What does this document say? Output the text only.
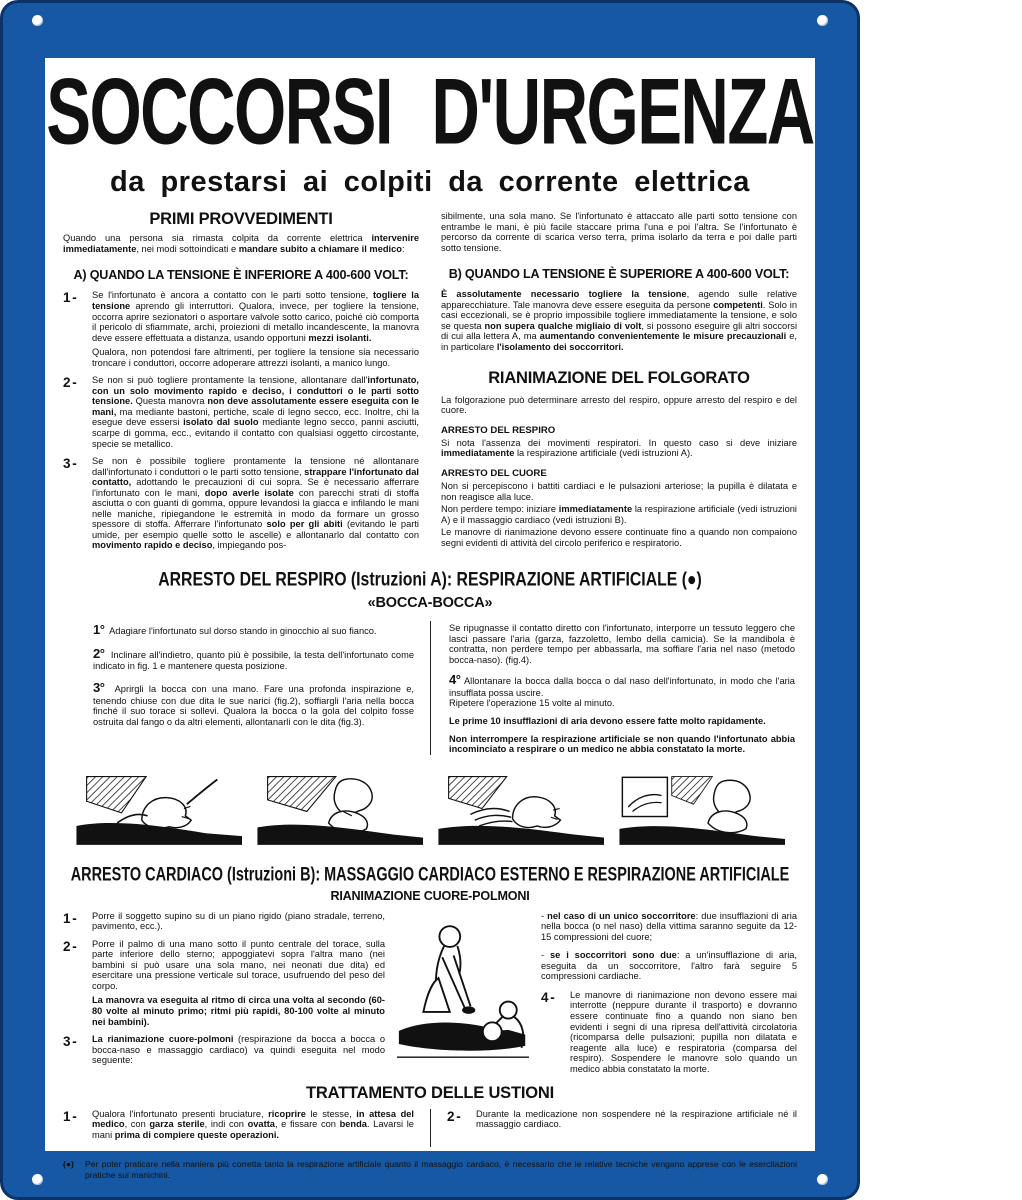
SOCCORSI D'URGENZA
da prestarsi ai colpiti da corrente elettrica
PRIMI PROVVEDIMENTI

Quando una persona sia rimasta colpita da corrente elettrica intervenire immediatamente, nei modi sottoindicati e mandare subito a chiamare il medico:

A) QUANDO LA TENSIONE È INFERIORE A 400-600 VOLT:
1 -	Se l'infortunato è ancora a contatto con le parti sotto tensione, togliere la tensione aprendo gli interruttori. Qualora, invece, per togliere la tensione, occorra aprire sezionatori o asportare valvole sotto carico, poiché ciò comporta il pericolo di sfiammate, archi, proiezioni di metallo incandescente, la manovra deve essere effettuata a distanza, usando opportuni mezzi isolanti.

Qualora, non potendosi fare altrimenti, per togliere la tensione sia necessario troncare i conduttori, occorre adoperare attrezzi isolanti, a manico lungo.

2 -	Se non si può togliere prontamente la tensione, allontanare dall'infortunato, con un solo movimento rapido e deciso, i conduttori o le parti sotto tensione. Questa manovra non deve assolutamente essere eseguita con le mani, ma mediante bastoni, pertiche, scale di legno secco, ecc. Inoltre, chi la esegue deve essersi isolato dal suolo mediante legno secco, panni asciutti, scarpe di gomma, ecc., evitando il contatto con qualsiasi oggetto circostante, specie se metallico.

3 -	Se non è possibile togliere prontamente la tensione né allontanare dall'infortunato i conduttori o le parti sotto tensione, strappare l'infortunato dal contatto, adottando le precauzioni di cui sopra. Se è necessario afferrare l'infortunato con le mani, dopo averle isolate con parecchi strati di stoffa asciutta o con guanti di gomma, oppure levandosi la giacca e infilando le mani nelle maniche, ripiegandone le estremità in modo da formare un grosso spessore di stoffa. Afferrare l'infortunato solo per gli abiti (evitando le parti umide, per esempio quelle sotto le ascelle) e allontanarlo dal contatto con movimento rapido e deciso, impiegando pos-

sibilmente, una sola mano. Se l'infortunato è attaccato alle parti sotto tensione con entrambe le mani, è più facile staccare prima l'una e poi l'altra. Se l'infortunato è percorso da corrente di scarica verso terra, prima isolarlo da terra e poi dalle parti sotto tensione.

B) QUANDO LA TENSIONE È SUPERIORE A 400-600 VOLT:

È assolutamente necessario togliere la tensione, agendo sulle relative apparecchiature. Tale manovra deve essere eseguita da persone competenti. Solo in casi eccezionali, se è proprio impossibile togliere immediatamente la tensione, e solo se questa non supera qualche migliaio di volt, si possono eseguire gli altri soccorsi di cui alla lettera A, ma aumentando convenientemente le misure precauzionali e, in particolare l'isolamento dei soccorritori.

RIANIMAZIONE DEL FOLGORATO

La folgorazione può determinare arresto del respiro, oppure arresto del respiro e del cuore.

ARRESTO DEL RESPIRO

Si nota l'assenza dei movimenti respiratori. In questo caso si deve iniziare immediatamente la respirazione artificiale (vedi istruzioni A).

ARRESTO DEL CUORE

Non si percepiscono i battiti cardiaci e le pulsazioni arteriose; la pupilla è dilatata e non reagisce alla luce.

Non perdere tempo: iniziare immediatamente la respirazione artificiale (vedi istruzioni A) e il massaggio cardiaco (vedi istruzioni B).

Le manovre di rianimazione devono essere continuate fino a quando non compaiono segni evidenti di attività del circolo periferico e respiratorio.

ARRESTO DEL RESPIRO (Istruzioni A): RESPIRAZIONE ARTIFICIALE (●)
«BOCCA-BOCCA»

1° Adagiare l'infortunato sul dorso stando in ginocchio al suo fianco.

2° Inclinare all'indietro, quanto più è possibile, la testa dell'infortunato come indicato in fig. 1 e mantenere questa posizione.

3° Aprirgli la bocca con una mano. Fare una profonda inspirazione e, tenendo chiuse con due dita le sue narici (fig.2), soffiargli l'aria nella bocca finché il suo torace si sollevi. Qualora la bocca o la gola del colpito fosse ostruita dal fango o da altri elementi, allontanarli con le dita (fig.3).

Se ripugnasse il contatto diretto con l'infortunato, interporre un tessuto leggero che lasci passare l'aria (garza, fazzoletto, lembo della camicia). Se la mandibola è contratta, non perdere tempo per abbassarla, ma soffiare l'aria nel naso (metodo bocca-naso). (fig.4).

4° Allontanare la bocca dalla bocca o dal naso dell'infortunato, in modo che l'aria insufflata possa uscire.

Ripetere l'operazione 15 volte al minuto.

Le prime 10 insufflazioni di aria devono essere fatte molto rapidamente.

Non interrompere la respirazione artificiale se non quando l'infortunato abbia incominciato a respirare o un medico ne abbia constatato la morte.

ARRESTO CARDIACO (Istruzioni B): MASSAGGIO CARDIACO ESTERNO E RESPIRAZIONE ARTIFICIALE
RIANIMAZIONE CUORE-POLMONI
1 -	Porre il soggetto supino su di un piano rigido (piano stradale, terreno, pavimento, ecc.).

2 -	Porre il palmo di una mano sotto il punto centrale del torace, sulla parte inferiore dello sterno; appoggiatevi sopra l'altra mano (nei bambini si può usare una sola mano, nei neonati due dita) ed esercitare una pressione verticale sul torace, usufruendo del peso del corpo.

La manovra va eseguita al ritmo di circa una volta al secondo (60-80 volte al minuto primo; ritmi più rapidi, 80-100 volte al minuto nei bambini).

3 -	La rianimazione cuore-polmoni (respirazione da bocca a bocca o bocca-naso e massaggio cardiaco) va quindi eseguita nel modo seguente:

- nel caso di un unico soccorritore: due insufflazioni di aria nella bocca (o nel naso) della vittima saranno seguite da 12-15 compressioni del cuore;

- se i soccorritori sono due: a un'insufflazione di aria, eseguita da un soccorritore, l'altro farà seguire 5 compressioni cardiache.

4 -	Le manovre di rianimazione non devono essere mai interrotte (neppure durante il trasporto) e dovranno essere continuate fino a quando non siano ben evidenti i segni di una ripresa dell'attività circolatoria (ricomparsa delle pulsazioni; pupilla non dilatata e reagente alla luce) e respiratoria (comparsa del respiro). Sospendere le manovre solo quando un medico abbia constatato la morte.

TRATTAMENTO DELLE USTIONI
1 -	Qualora l'infortunato presenti bruciature, ricoprire le stesse, in attesa del medico, con garza sterile, indi con ovatta, e fissare con benda. Lavarsi le mani prima di compiere queste operazioni.

2 -	Durante la medicazione non sospendere né la respirazione artificiale né il massaggio cardiaco.

(●)	Per poter praticare nella maniera più corretta tanto la respirazione artificiale quanto il massaggio cardiaco, è necessario che le relative tecniche vengano apprese con le esercitazioni pratiche sui manichini.
